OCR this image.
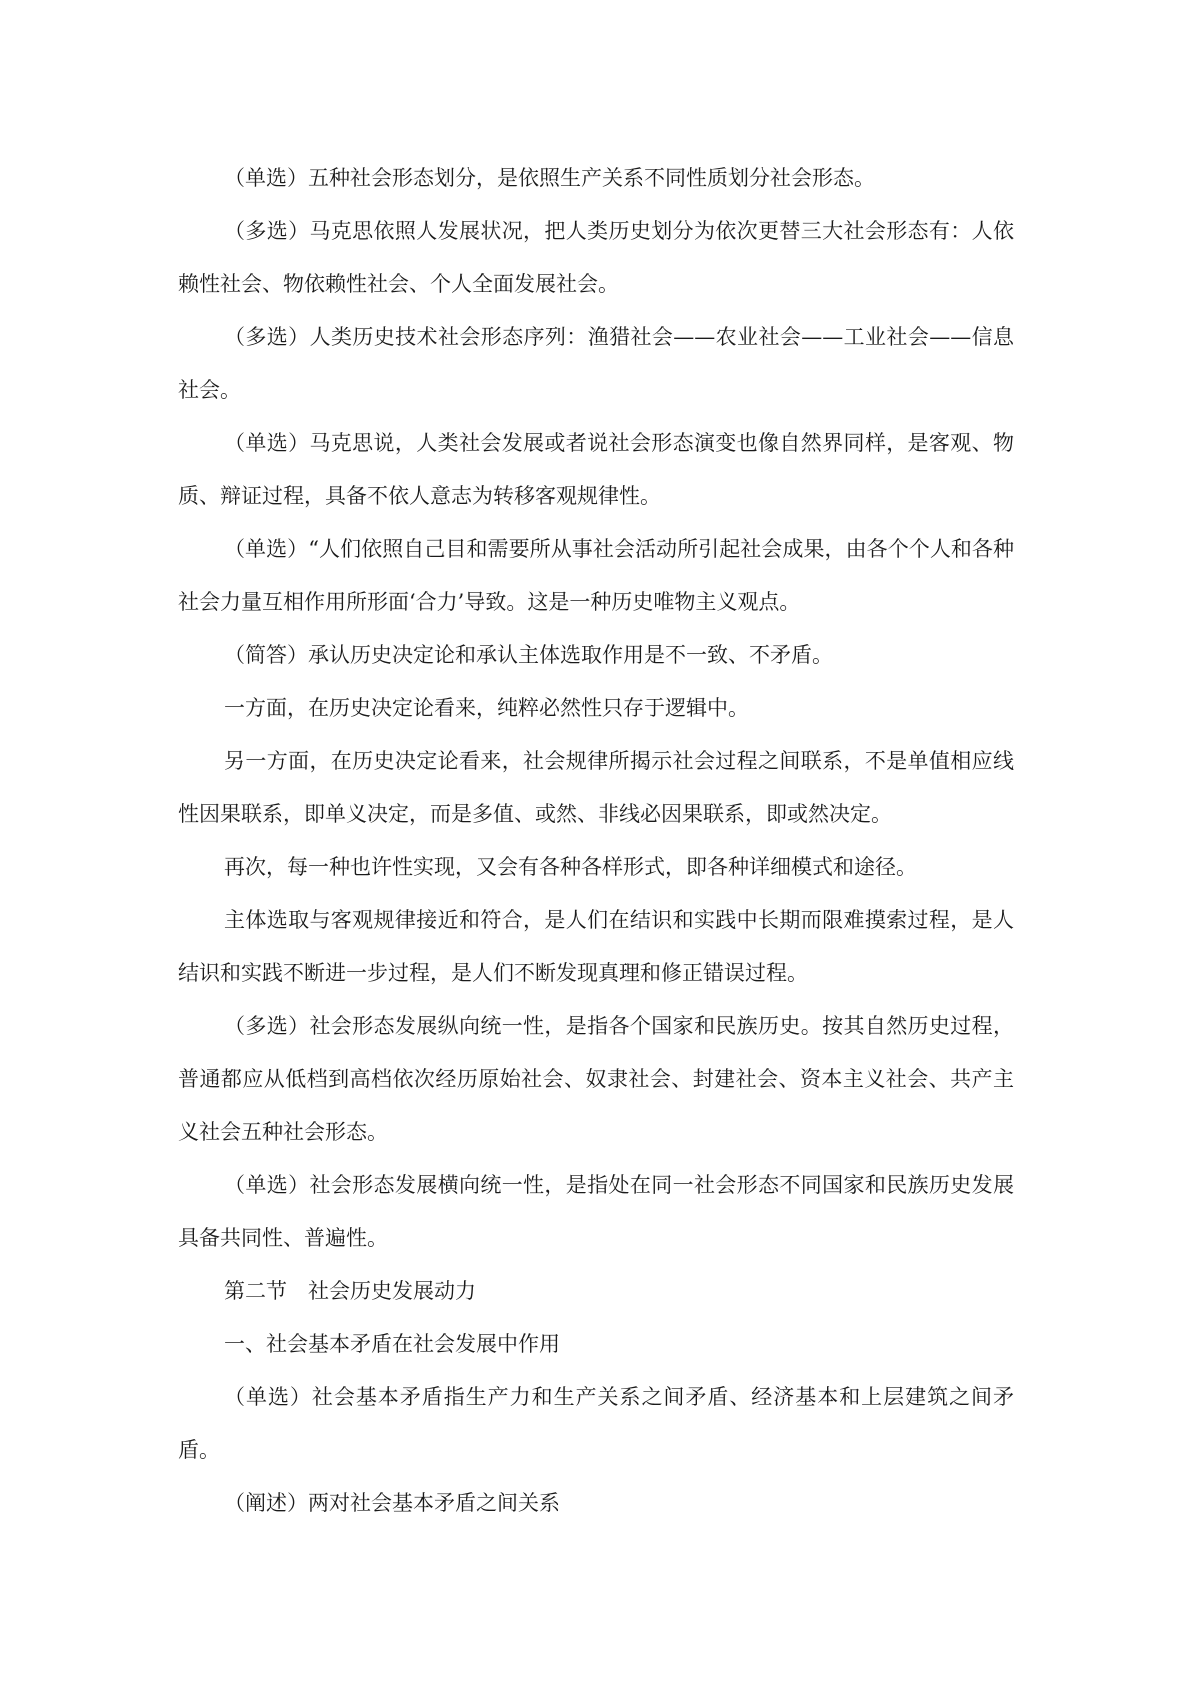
（单选）五种社会形态划分，是依照生产关系不同性质划分社会形态。

（多选）马克思依照人发展状况，把人类历史划分为依次更替三大社会形态有：人依赖性社会、物依赖性社会、个人全面发展社会。

（多选）人类历史技术社会形态序列：渔猎社会——农业社会——工业社会——信息社会。

（单选）马克思说，人类社会发展或者说社会形态演变也像自然界同样，是客观、物质、辩证过程，具备不依人意志为转移客观规律性。

（单选）“人们依照自己目和需要所从事社会活动所引起社会成果，由各个个人和各种社会力量互相作用所形面‘合力’导致。这是一种历史唯物主义观点。

（简答）承认历史决定论和承认主体选取作用是不一致、不矛盾。

一方面，在历史决定论看来，纯粹必然性只存于逻辑中。

另一方面，在历史决定论看来，社会规律所揭示社会过程之间联系，不是单值相应线性因果联系，即单义决定，而是多值、或然、非线必因果联系，即或然决定。

再次，每一种也许性实现，又会有各种各样形式，即各种详细模式和途径。

主体选取与客观规律接近和符合，是人们在结识和实践中长期而限难摸索过程，是人结识和实践不断进一步过程，是人们不断发现真理和修正错误过程。

（多选）社会形态发展纵向统一性，是指各个国家和民族历史。按其自然历史过程，普通都应从低档到高档依次经历原始社会、奴隶社会、封建社会、资本主义社会、共产主义社会五种社会形态。

（单选）社会形态发展横向统一性，是指处在同一社会形态不同国家和民族历史发展具备共同性、普遍性。

第二节　社会历史发展动力

一、社会基本矛盾在社会发展中作用

（单选）社会基本矛盾指生产力和生产关系之间矛盾、经济基本和上层建筑之间矛盾。

（阐述）两对社会基本矛盾之间关系
